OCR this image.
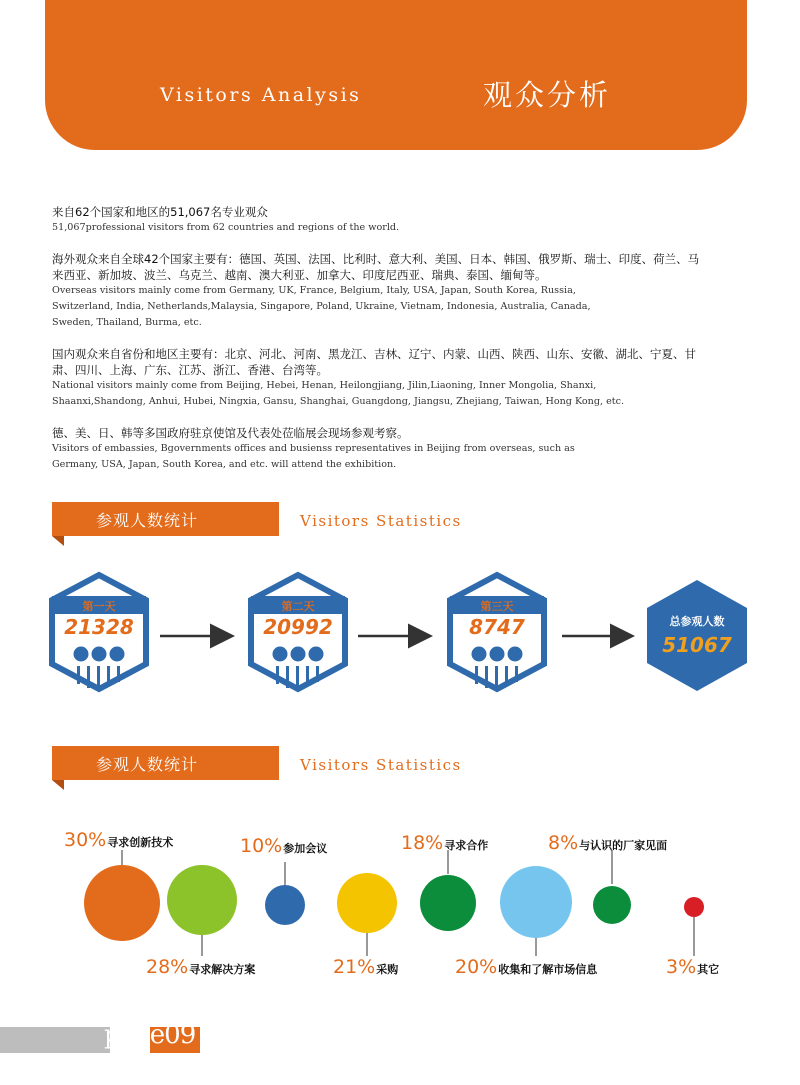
Visitors Analysis	观众分析

来自62个国家和地区的51,067名专业观众

51,067professional visitors from 62 countries and regions of the world.

海外观众来自全球42个国家主要有：德国、英国、法国、比利时、意大利、美国、日本、韩国、俄罗斯、瑞士、印度、荷兰、马

来西亚、新加坡、波兰、乌克兰、越南、澳大利亚、加拿大、印度尼西亚、瑞典、泰国、缅甸等。

Overseas visitors mainly come from Germany, UK, France, Belgium, Italy, USA, Japan, South Korea, Russia,

Switzerland, India, Netherlands,Malaysia, Singapore, Poland, Ukraine, Vietnam, Indonesia, Australia, Canada,

Sweden, Thailand, Burma, etc.

国内观众来自省份和地区主要有：北京、河北、河南、黑龙江、吉林、辽宁、内蒙、山西、陕西、山东、安徽、湖北、宁夏、甘

肃、四川、上海、广东、江苏、浙江、香港、台湾等。

National visitors mainly come from Beijing, Hebei, Henan, Heilongjiang, Jilin,Liaoning, Inner Mongolia, Shanxi,

Shaanxi,Shandong, Anhui, Hubei, Ningxia, Gansu, Shanghai, Guangdong, Jiangsu, Zhejiang, Taiwan, Hong Kong, etc.

德、美、日、韩等多国政府驻京使馆及代表处莅临展会现场参观考察。

Visitors of embassies, Bgovernments offices and busienss representatives in Beijing from overseas, such as

Germany, USA, Japan, South Korea, and etc. will attend the exhibition.

参观人数统计	Visitors Statistics
第一天
21328
第二天
20992
第三天
8747	总参观人数
51067
参观人数统计	Visitors Statistics
30%寻求创新技术
28%寻求解决方案
10%参加会议
21%采购
18%寻求合作
20%收集和了解市场信息
8%与认识的厂家见面
3%其它
page09
